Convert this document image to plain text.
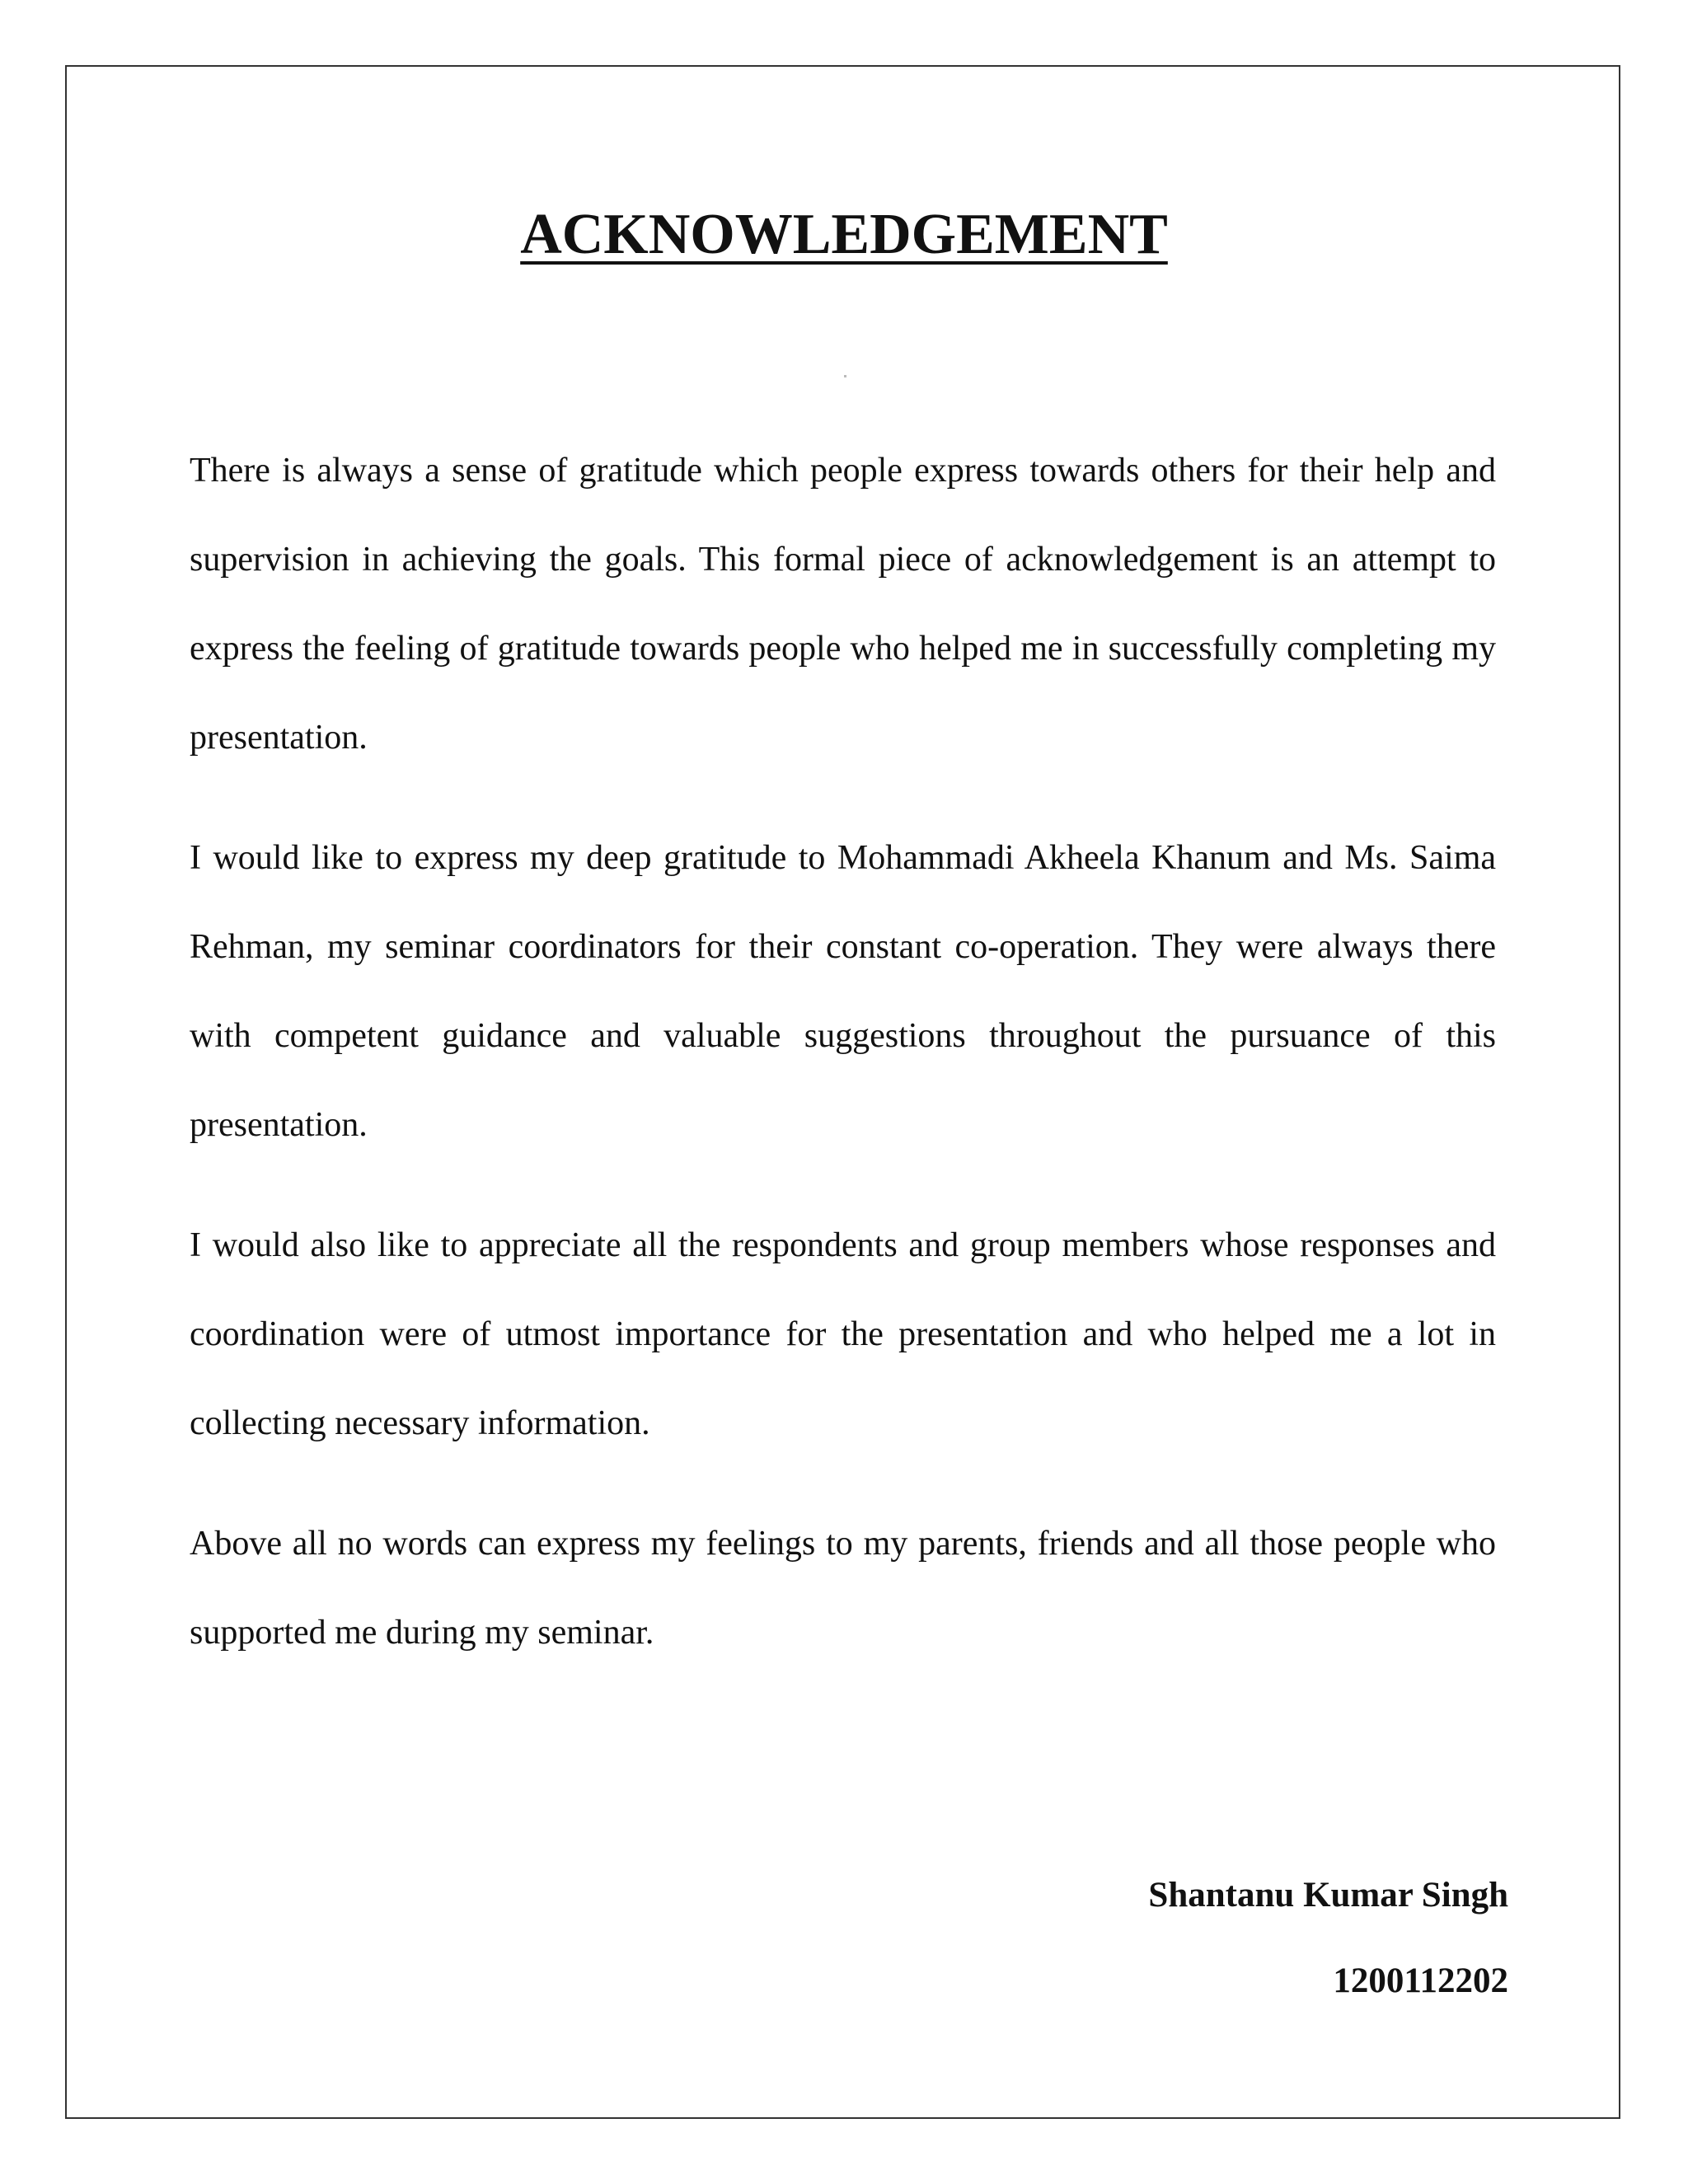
ACKNOWLEDGEMENT

There is always a sense of gratitude which people express towards others for their help and supervision in achieving the goals. This formal piece of acknowledgement is an attempt to express the feeling of gratitude towards people who helped me in successfully completing my presentation.

I would like to express my deep gratitude to Mohammadi Akheela Khanum and Ms. Saima Rehman, my seminar coordinators for their constant co-operation. They were always there with competent guidance and valuable suggestions throughout the pursuance of this presentation.

I would also like to appreciate all the respondents and group members whose responses and coordination were of utmost importance for the presentation and who helped me a lot in collecting necessary information.

Above all no words can express my feelings to my parents, friends and all those people who supported me during my seminar.

Shantanu Kumar Singh
1200112202
